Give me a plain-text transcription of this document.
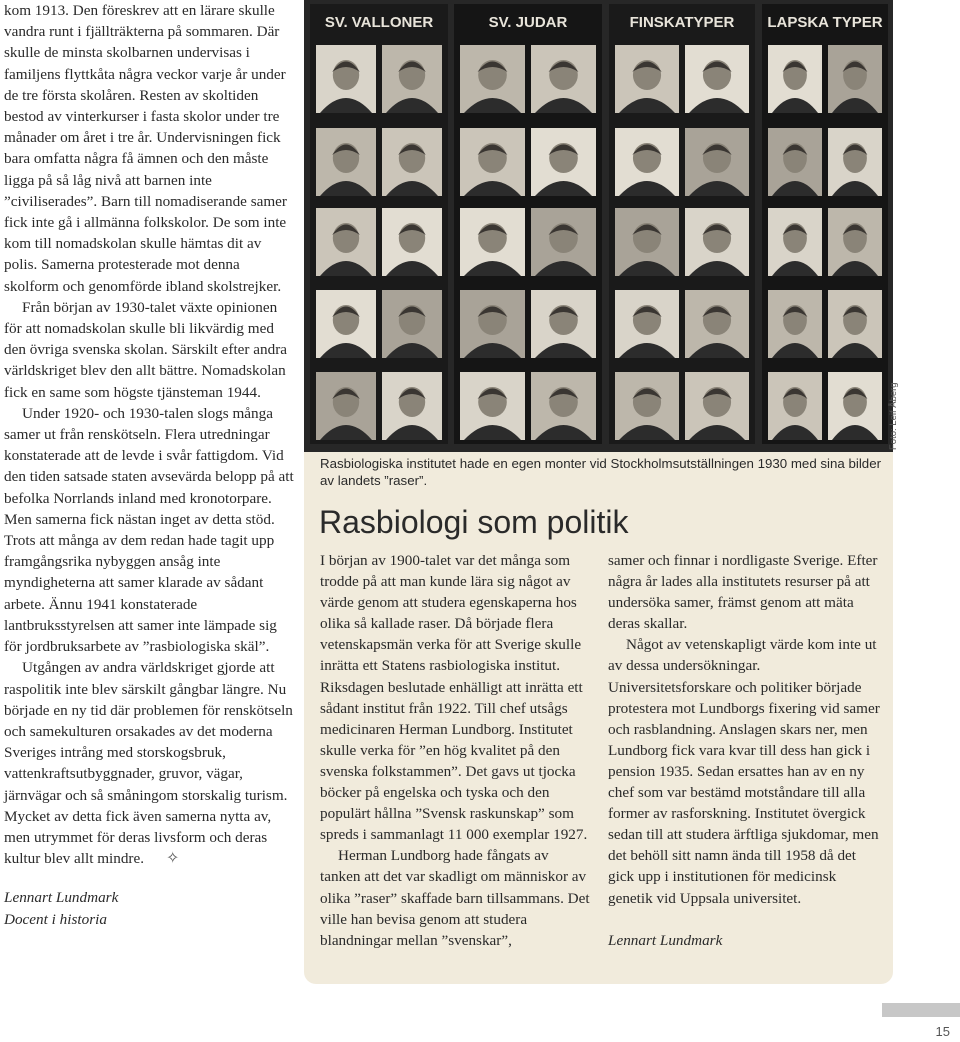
kom 1913. Den föreskrev att en lärare skulle vandra runt i fjällträkterna på sommaren. Där skulle de minsta skolbarnen undervisas i familjens flyttkåta några veckor varje år under de tre första skolåren. Resten av skoltiden bestod av vinterkurser i fasta skolor under tre månader om året i tre år. Undervisningen fick bara omfatta några få ämnen och den måste ligga på så låg nivå att barnen inte ”civiliserades”. Barn till nomadiserande samer fick inte gå i allmänna folkskolor. De som inte kom till nomadskolan skulle hämtas dit av polis. Samerna protesterade mot denna skolform och genomförde ibland skolstrejker.

Från början av 1930-talet växte opinionen för att nomadskolan skulle bli likvärdig med den övriga svenska skolan. Särskilt efter andra världskriget blev den allt bättre. Nomadskolan fick en same som högste tjänsteman 1944.

Under 1920- och 1930-talen slogs många samer ut från renskötseln. Flera utredningar konstaterade att de levde i svår fattigdom. Vid den tiden satsade staten avsevärda belopp på att befolka Norrlands inland med kronotorpare. Men samerna fick nästan inget av detta stöd. Trots att många av dem redan hade tagit upp framgångsrika nybyggen ansåg inte myndigheterna att samer klarade av sådant arbete. Ännu 1941 konstaterade lantbruksstyrelsen att samer inte lämpade sig för jordbruksarbete av ”rasbiologiska skäl”.

Utgången av andra världskriget gjorde att raspolitik inte blev särskilt gångbar längre. Nu började en ny tid där problemen för renskötseln och samekulturen orsakades av det moderna Sveriges intrång med storskogsbruk, vattenkraftsutbyggnader, gruvor, vägar, järnvägar och så småningom storskalig turism. Mycket av detta fick även samerna nytta av, men utrymmet för deras livsform och deras kultur blev allt mindre. ✧

Lennart Lundmark

Docent i historia

SV. VALLONER	SV. JUDAR	FINSKATYPER LAPSKA TYPER
Foto: Leif Åberg

Rasbiologiska institutet hade en egen monter vid Stockholmsutställningen 1930 med sina bilder av landets ”raser”.

Rasbiologi som politik

I början av 1900-talet var det många som trodde på att man kunde lära sig något av värde genom att studera egenskaperna hos olika så kallade raser. Då började flera vetenskapsmän verka för att Sverige skulle inrätta ett Statens rasbiologiska institut. Riksdagen beslutade enhälligt att inrätta ett sådant institut från 1922. Till chef utsågs medicinaren Herman Lundborg. Institutet skulle verka för ”en hög kvalitet på den svenska folkstammen”. Det gavs ut tjocka böcker på engelska och tyska och den populärt hållna ”Svensk raskunskap” som spreds i sammanlagt 11 000 exemplar 1927.

Herman Lundborg hade fångats av tanken att det var skadligt om människor av olika ”raser” skaffade barn tillsammans. Det ville han bevisa genom att studera blandningar mellan ”svenskar”,

samer och finnar i nordligaste Sverige. Efter några år lades alla institutets resurser på att undersöka samer, främst genom att mäta deras skallar.

Något av vetenskapligt värde kom inte ut av dessa undersökningar. Universitetsforskare och politiker började protestera mot Lundborgs fixering vid samer och rasblandning. Anslagen skars ner, men Lundborg fick vara kvar till dess han gick i pension 1935. Sedan ersattes han av en ny chef som var bestämd motståndare till alla former av rasforskning. Institutet övergick sedan till att studera ärftliga sjukdomar, men det behöll sitt namn ända till 1958 då det gick upp i institutionen för medicinsk genetik vid Uppsala universitet.

Lennart Lundmark

15
